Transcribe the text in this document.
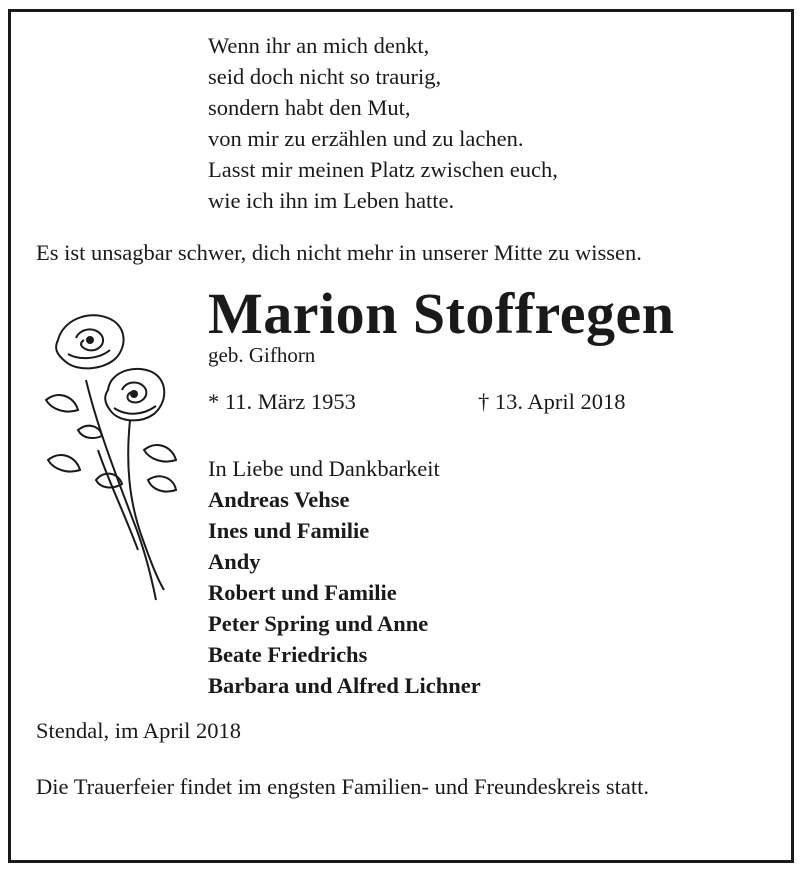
Wenn ihr an mich denkt,
seid doch nicht so traurig,
sondern habt den Mut,
von mir zu erzählen und zu lachen.
Lasst mir meinen Platz zwischen euch,
wie ich ihn im Leben hatte.
Es ist unsagbar schwer, dich nicht mehr in unserer Mitte zu wissen.
Marion Stoffregen
geb. Gifhorn
* 11. März 1953	† 13. April 2018
In Liebe und Dankbarkeit
Andreas Vehse
Ines und Familie
Andy
Robert und Familie
Peter Spring und Anne
Beate Friedrichs
Barbara und Alfred Lichner
Stendal, im April 2018
Die Trauerfeier findet im engsten Familien- und Freundeskreis statt.
